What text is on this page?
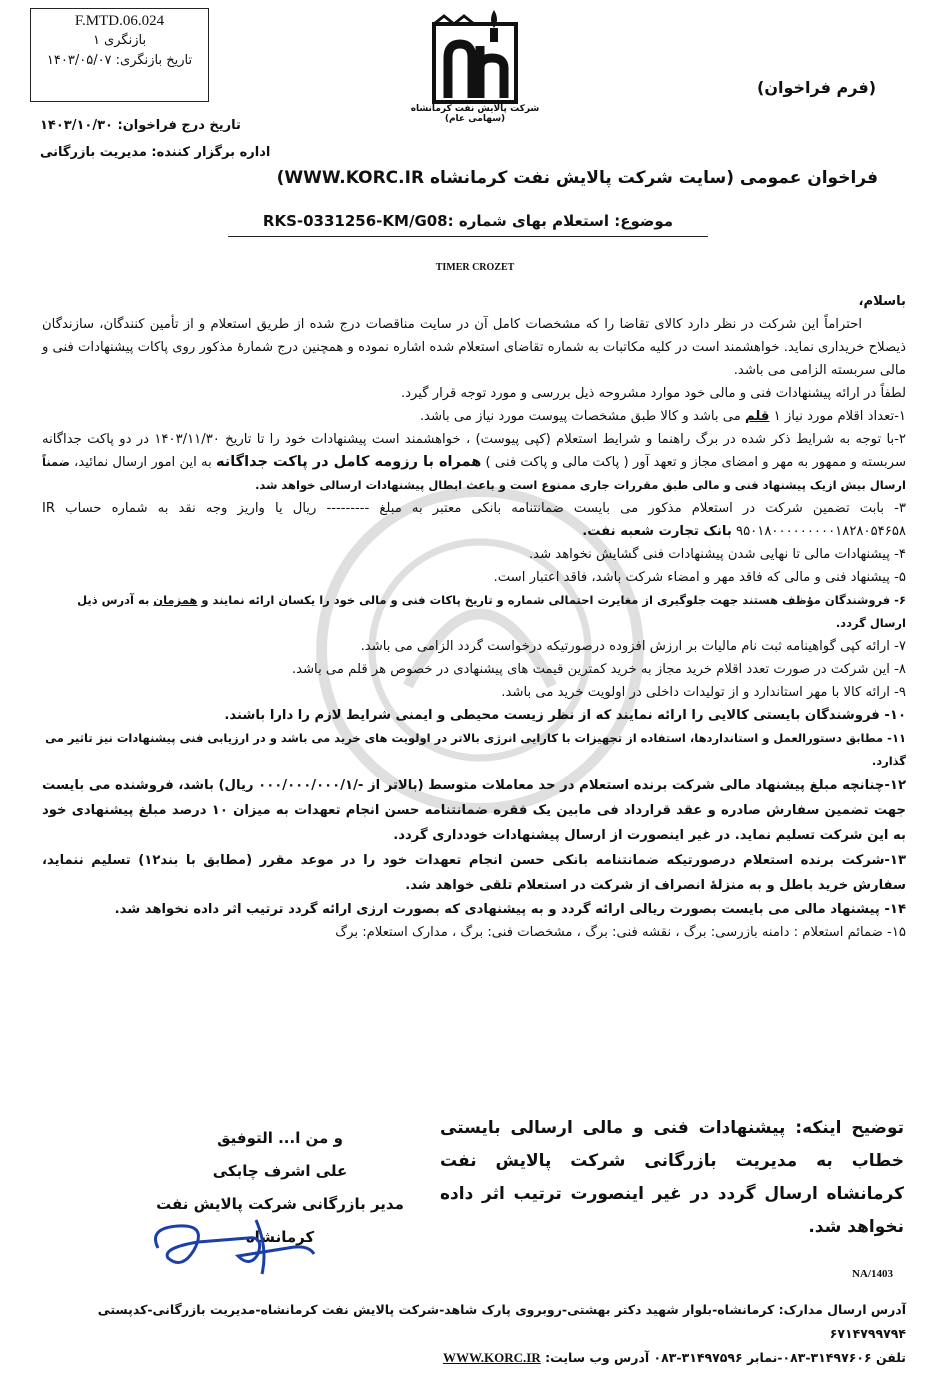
F.MTD.06.024
بازنگری ۱
تاریخ بازنگری: ۱۴۰۳/۰۵/۰۷
شرکت پالایش نفت کرمانشاه (سهامی عام)
(فرم فراخوان)
تاریخ درج فراخوان: ۱۴۰۳/۱۰/۳۰
اداره برگزار کننده: مدیریت بازرگانی
فراخوان عمومی (سایت شرکت پالایش نفت کرمانشاه WWW.KORC.IR)
موضوع: استعلام بهای شماره :RKS-0331256-KM/G08
TIMER CROZET

باسلام،

احتراماً این شرکت در نظر دارد کالای تقاضا را که مشخصات کامل آن در سایت مناقصات درج شده از طریق استعلام و از تأمین کنندگان، سازندگان ذیصلاح خریداری نماید. خواهشمند است در کلیه مکاتبات به شماره تقاضای استعلام شده اشاره نموده و همچنین درج شمارهٔ مذکور روی پاکات پیشنهادات فنی و مالی سربسته الزامی می باشد.

لطفاً در ارائه پیشنهادات فنی و مالی خود موارد مشروحه ذیل بررسی و مورد توجه قرار گیرد.

۱-تعداد اقلام مورد نیاز ۱ قلم می باشد و کالا طبق مشخصات پیوست مورد نیاز می باشد.

۲-با توجه به شرایط ذکر شده در برگ راهنما و شرایط استعلام (کپی پیوست) ، خواهشمند است پیشنهادات خود را تا تاریخ ۱۴۰۳/۱۱/۳۰ در دو پاکت جداگانه سربسته و ممهور به مهر و امضای مجاز و تعهد آور ( پاکت مالی و پاکت فنی ) همراه با رزومه کامل در پاکت جداگانه به این امور ارسال نمائید، ضمناً ارسال بیش ازیک پیشنهاد فنی و مالی طبق مقررات جاری ممنوع است و باعث ابطال پیشنهادات ارسالی خواهد شد.

۳- بابت تضمین شرکت در استعلام مذکور می بایست ضمانتنامه بانکی معتبر به مبلغ --------- ریال یا واریز وجه نقد به شماره حساب IR ۹۵۰۱۸۰۰۰۰۰۰۰۰۰۱۸۲۸۰۵۴۶۵۸ بانک تجارت شعبه نفت.

۴- پیشنهادات مالی تا نهایی شدن پیشنهادات فنی گشایش نخواهد شد.

۵- پیشنهاد فنی و مالی که فاقد مهر و امضاء شرکت باشد، فاقد اعتبار است.

۶- فروشندگان مؤظف هستند جهت جلوگیری از مغایرت احتمالی شماره و تاریخ پاکات فنی و مالی خود را یکسان ارائه نمایند و همزمان به آدرس ذیل ارسال گردد.

۷- ارائه کپی گواهینامه ثبت نام مالیات بر ارزش افزوده درصورتیکه درخواست گردد الزامی می باشد.

۸- این شرکت در صورت تعدد اقلام خرید مجاز به خرید کمترین قیمت های پیشنهادی در خصوص هر قلم می باشد.

۹- ارائه کالا با مهر استاندارد و از تولیدات داخلی در اولویت خرید می باشد.

۱۰- فروشندگان بایستی کالایی را ارائه نمایند که از نظر زیست محیطی و ایمنی شرایط لازم را دارا باشند.

۱۱- مطابق دستورالعمل و استانداردها، استفاده از تجهیزات با کارایی انرژی بالاتر در اولویت های خرید می باشد و در ارزیابی فنی پیشنهادات نیز تاثیر می گذارد.

۱۲-چنانچه مبلغ پیشنهاد مالی شرکت برنده استعلام در حد معاملات متوسط (بالاتر از -/۰۰۰/۰۰۰/۰۰۰/۱ ریال) باشد، فروشنده می بایست جهت تضمین سفارش صادره و عقد قرارداد فی مابین یک فقره ضمانتنامه حسن انجام تعهدات به میزان ۱۰ درصد مبلغ پیشنهادی خود به این شرکت تسلیم نماید. در غیر اینصورت از ارسال پیشنهادات خودداری گردد.

۱۳-شرکت برنده استعلام درصورتیکه ضمانتنامه بانکی حسن انجام تعهدات خود را در موعد مقرر (مطابق با بند۱۲) تسلیم ننماید، سفارش خرید باطل و به منزلهٔ انصراف از شرکت در استعلام تلقی خواهد شد.

۱۴- پیشنهاد مالی می بایست بصورت ریالی ارائه گردد و به پیشنهادی که بصورت ارزی ارائه گردد ترتیب اثر داده نخواهد شد.

۱۵- ضمائم استعلام : دامنه بازرسی: برگ ، نقشه فنی: برگ ، مشخصات فنی: برگ ، مدارک استعلام: برگ

توضیح اینکه: پیشنهادات فنی و مالی ارسالی بایستی خطاب به مدیریت بازرگانی شرکت پالایش نفت کرمانشاه ارسال گردد در غیر اینصورت ترتیب اثر داده نخواهد شد.
و من ا... التوفیق
علی اشرف چابکی
مدیر بازرگانی شرکت پالایش نفت کرمانشاه
NA/1403
آدرس ارسال مدارک: کرمانشاه-بلوار شهید دکتر بهشتی-روبروی پارک شاهد-شرکت پالایش نفت کرمانشاه-مدیریت بازرگانی-کدپستی ۶۷۱۴۷۹۹۷۹۴
تلفن ۳۱۴۹۷۶۰۶-۰۸۳-نمابر ۳۱۴۹۷۵۹۶-۰۸۳ آدرس وب سایت: WWW.KORC.IR
